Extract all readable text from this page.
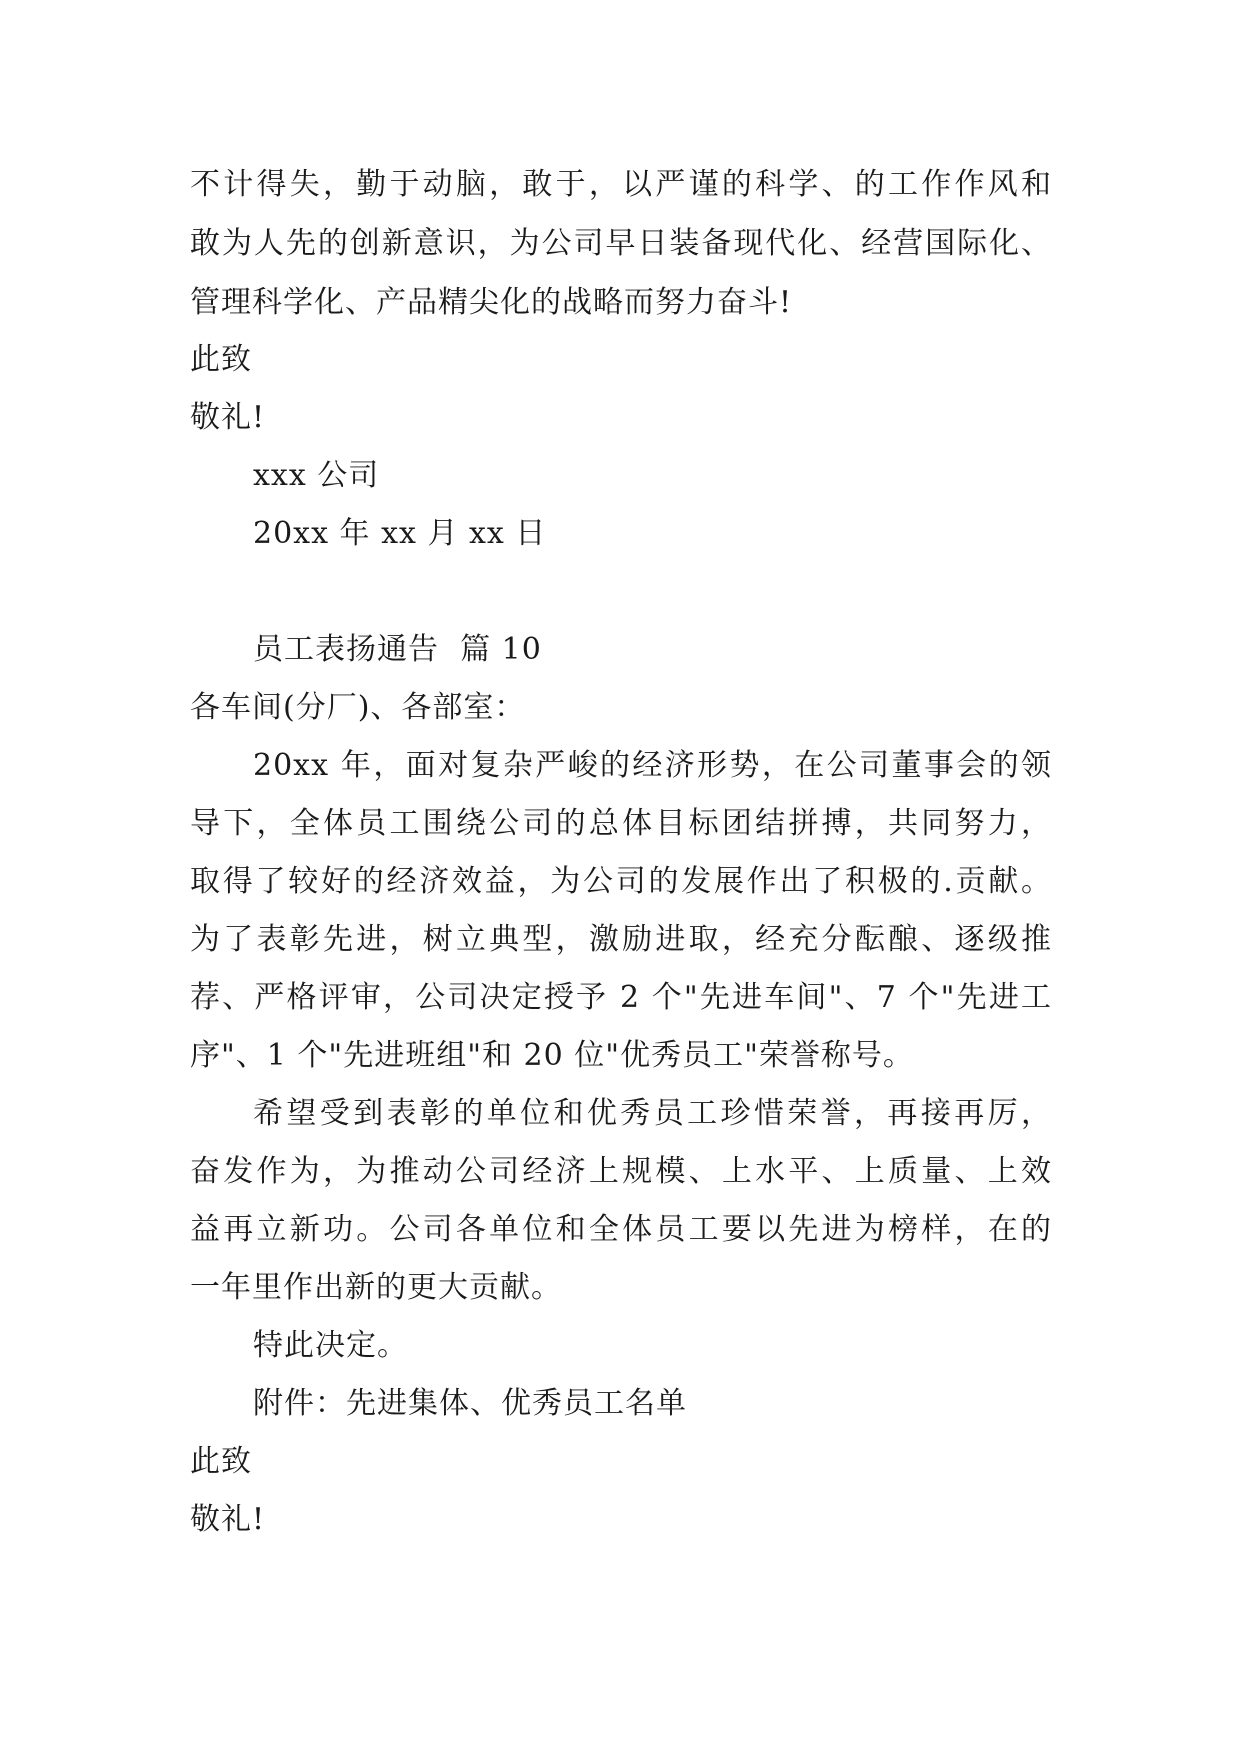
不计得失，勤于动脑，敢于，以严谨的科学、的工作作风和
敢为人先的创新意识，为公司早日装备现代化、经营国际化、
管理科学化、产品精尖化的战略而努力奋斗!
此致
敬礼!
xxx 公司
20xx 年 xx 月 xx 日
员工表扬通告  篇 10
各车间(分厂)、各部室：
20xx 年，面对复杂严峻的经济形势，在公司董事会的领
导下，全体员工围绕公司的总体目标团结拼搏，共同努力，
取得了较好的经济效益，为公司的发展作出了积极的.贡献。
为了表彰先进，树立典型，激励进取，经充分酝酿、逐级推
荐、严格评审，公司决定授予 2 个"先进车间"、7 个"先进工
序"、1 个"先进班组"和 20 位"优秀员工"荣誉称号。
希望受到表彰的单位和优秀员工珍惜荣誉，再接再厉，
奋发作为，为推动公司经济上规模、上水平、上质量、上效
益再立新功。公司各单位和全体员工要以先进为榜样，在的
一年里作出新的更大贡献。
特此决定。
附件：先进集体、优秀员工名单
此致
敬礼!
